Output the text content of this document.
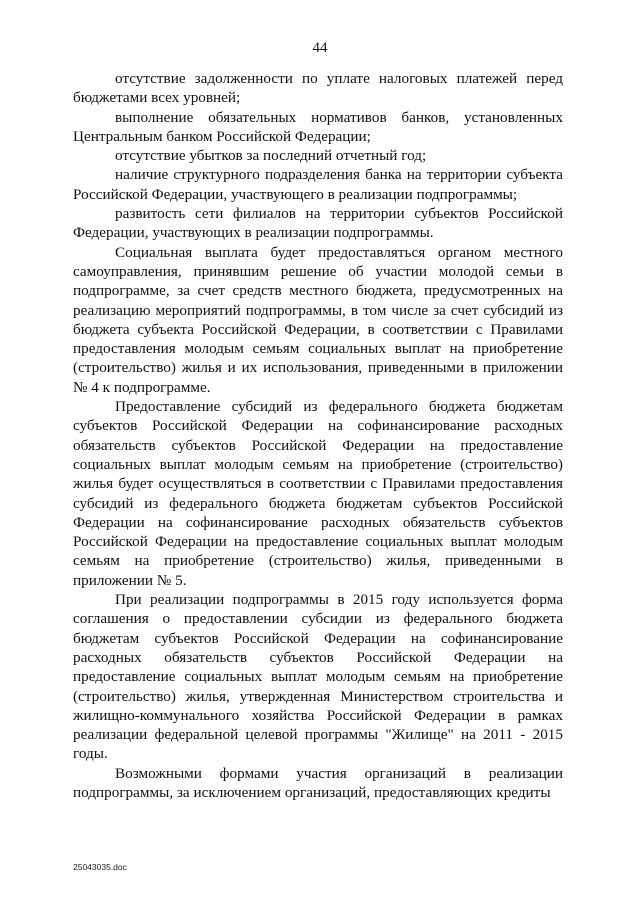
44

отсутствие задолженности по уплате налоговых платежей перед бюджетами всех уровней;

выполнение обязательных нормативов банков, установленных Центральным банком Российской Федерации;

отсутствие убытков за последний отчетный год;

наличие структурного подразделения банка на территории субъекта Российской Федерации, участвующего в реализации подпрограммы;

развитость сети филиалов на территории субъектов Российской Федерации, участвующих в реализации подпрограммы.

Социальная выплата будет предоставляться органом местного самоуправления, принявшим решение об участии молодой семьи в подпрограмме, за счет средств местного бюджета, предусмотренных на реализацию мероприятий подпрограммы, в том числе за счет субсидий из бюджета субъекта Российской Федерации, в соответствии с Правилами предоставления молодым семьям социальных выплат на приобретение (строительство) жилья и их использования, приведенными в приложении № 4 к подпрограмме.

Предоставление субсидий из федерального бюджета бюджетам субъектов Российской Федерации на софинансирование расходных обязательств субъектов Российской Федерации на предоставление социальных выплат молодым семьям на приобретение (строительство) жилья будет осуществляться в соответствии с Правилами предоставления субсидий из федерального бюджета бюджетам субъектов Российской Федерации на софинансирование расходных обязательств субъектов Российской Федерации на предоставление социальных выплат молодым семьям на приобретение (строительство) жилья, приведенными в приложении № 5.

При реализации подпрограммы в 2015 году используется форма соглашения о предоставлении субсидии из федерального бюджета бюджетам субъектов Российской Федерации на софинансирование расходных обязательств субъектов Российской Федерации на предоставление социальных выплат молодым семьям на приобретение (строительство) жилья, утвержденная Министерством строительства и жилищно-коммунального хозяйства Российской Федерации в рамках реализации федеральной целевой программы "Жилище" на 2011 - 2015 годы.

Возможными формами участия организаций в реализации подпрограммы, за исключением организаций, предоставляющих кредиты

25043035.doc
